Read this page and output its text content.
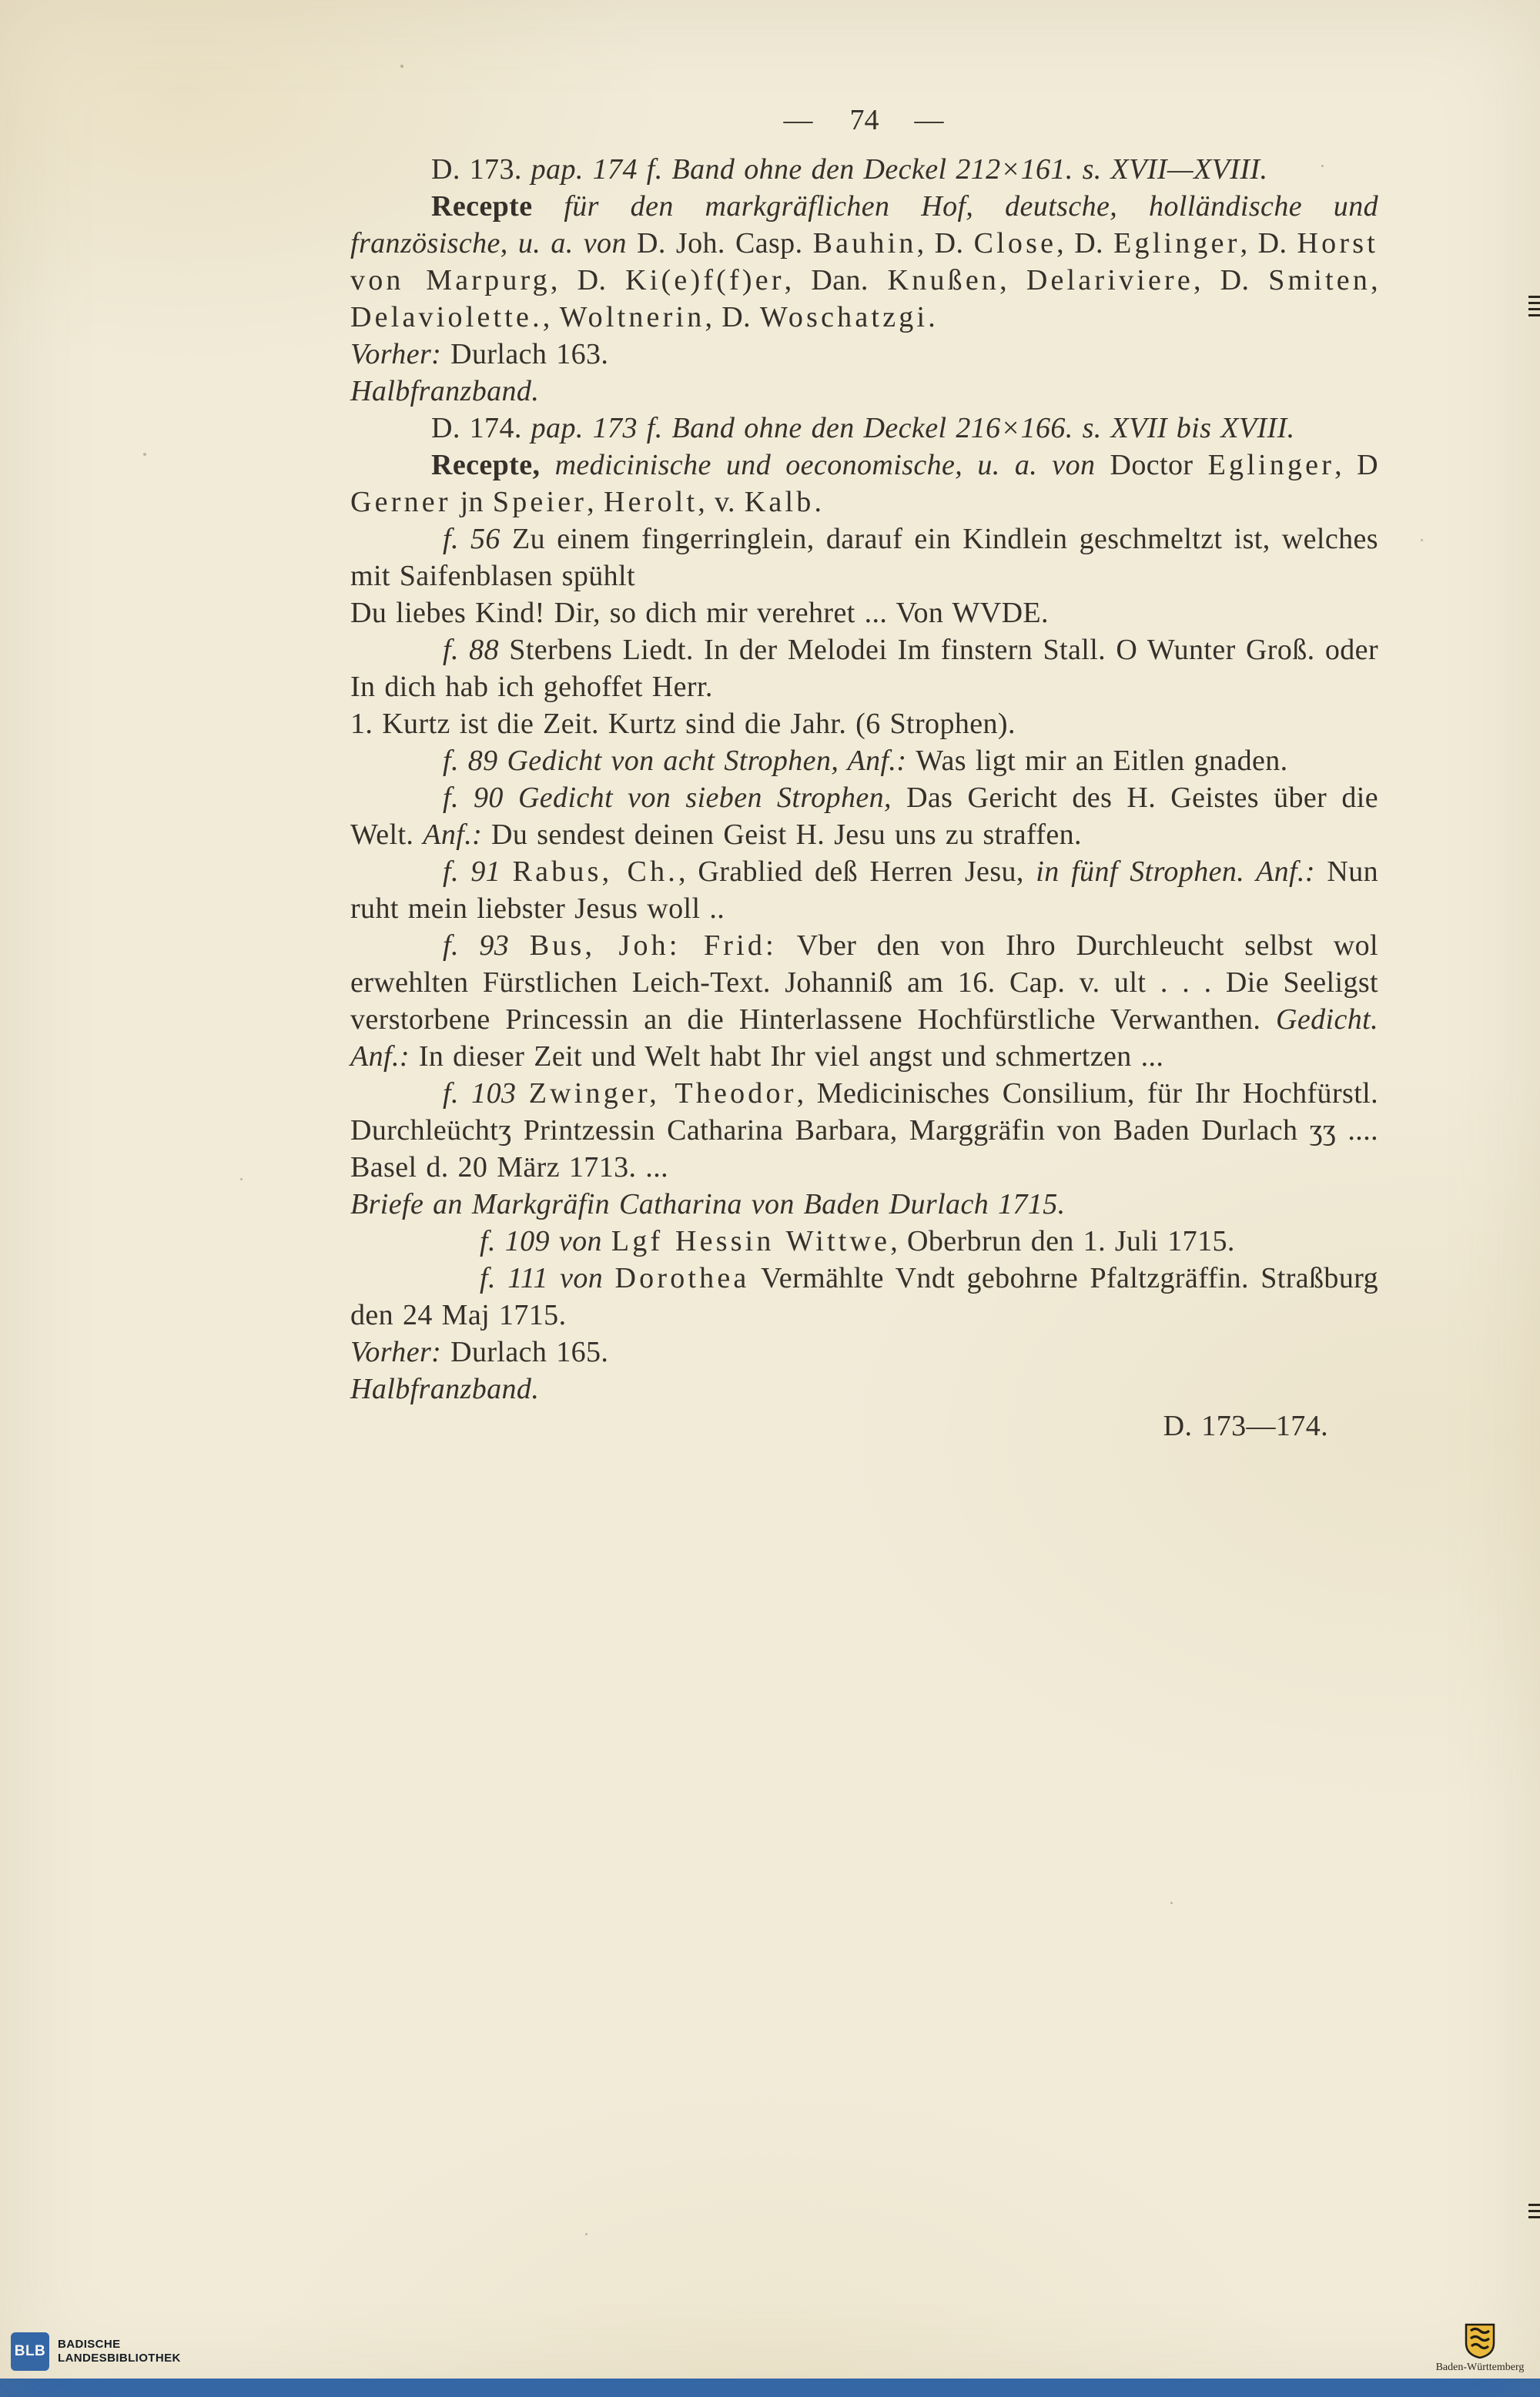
— 74 —

D. 173. pap. 174 f. Band ohne den Deckel 212×161. s. XVII—XVIII.

Recepte für den markgräflichen Hof, deutsche, holländische und französische, u. a. von D. Joh. Casp. Bauhin, D. Close, D. Eglinger, D. Horst von Marpurg, D. Ki(e)f(f)er, Dan. Knußen, Delariviere, D. Smiten, Delaviolette., Woltnerin, D. Woschatzgi.

Vorher: Durlach 163.

Halbfranzband.

D. 174. pap. 173 f. Band ohne den Deckel 216×166. s. XVII bis XVIII.

Recepte, medicinische und oeconomische, u. a. von Doctor Eglinger, D Gerner jn Speier, Herolt, v. Kalb.

f. 56 Zu einem fingerringlein, darauf ein Kindlein geschmeltzt ist, welches mit Saifenblasen spühlt

Du liebes Kind! Dir, so dich mir verehret ... Von WVDE.

f. 88 Sterbens Liedt. In der Melodei Im finstern Stall. O Wunter Groß. oder In dich hab ich gehoffet Herr.

1. Kurtz ist die Zeit. Kurtz sind die Jahr. (6 Strophen).

f. 89 Gedicht von acht Strophen, Anf.: Was ligt mir an Eitlen gnaden.

f. 90 Gedicht von sieben Strophen, Das Gericht des H. Geistes über die Welt. Anf.: Du sendest deinen Geist H. Jesu uns zu straffen.

f. 91 Rabus, Ch., Grablied deß Herren Jesu, in fünf Strophen. Anf.: Nun ruht mein liebster Jesus woll ..

f. 93 Bus, Joh: Frid: Vber den von Ihro Durchleucht selbst wol erwehlten Fürstlichen Leich-Text. Johanniß am 16. Cap. v. ult . . . Die Seeligst verstorbene Princessin an die Hinterlassene Hochfürstliche Verwanthen. Gedicht. Anf.: In dieser Zeit und Welt habt Ihr viel angst und schmertzen ...

f. 103 Zwinger, Theodor, Medicinisches Consilium, für Ihr Hochfürstl. Durchleüchtʒ Printzessin Catharina Barbara, Marggräfin von Baden Durlach ʒʒ .... Basel d. 20 März 1713. ...

Briefe an Markgräfin Catharina von Baden Durlach 1715.

f. 109 von Lgf Hessin Wittwe, Oberbrun den 1. Juli 1715.

f. 111 von Dorothea Vermählte Vndt gebohrne Pfaltzgräffin. Straßburg den 24 Maj 1715.

Vorher: Durlach 165.

Halbfranzband.

D. 173—174.

BLB BADISCHE
LANDESBIBLIOTHEK
Baden-Württemberg
